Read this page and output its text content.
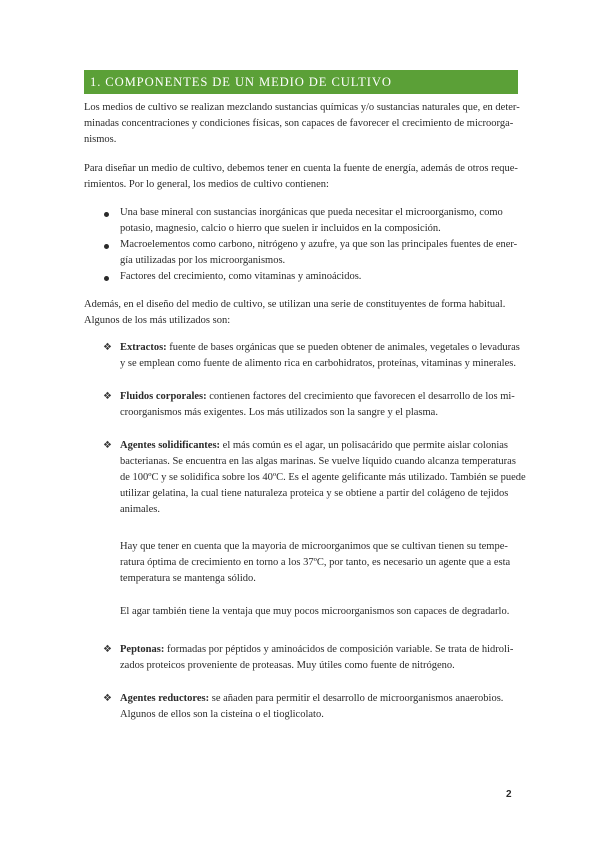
1. COMPONENTES DE UN MEDIO DE CULTIVO

Los medios de cultivo se realizan mezclando sustancias químicas y/o sustancias naturales que, en deter-
minadas concentraciones y condiciones físicas, son capaces de favorecer el crecimiento de microorga-
nismos.

Para diseñar un medio de cultivo, debemos tener en cuenta la fuente de energía, además de otros reque-
rimientos. Por lo general, los medios de cultivo contienen:

Una base mineral con sustancias inorgánicas que pueda necesitar el microorganismo, como
potasio, magnesio, calcio o hierro que suelen ir incluidos en la composición.
Macroelementos como carbono, nitrógeno y azufre, ya que son las principales fuentes de ener-
gía utilizadas por los microorganismos.
Factores del crecimiento, como vitaminas y aminoácidos.

Además, en el diseño del medio de cultivo, se utilizan una serie de constituyentes de forma habitual.
Algunos de los más utilizados son:

❖ Extractos: fuente de bases orgánicas que se pueden obtener de animales, vegetales o levaduras
y se emplean como fuente de alimento rica en carbohidratos, proteínas, vitaminas y minerales.
❖ Fluidos corporales: contienen factores del crecimiento que favorecen el desarrollo de los mi-
croorganismos más exigentes. Los más utilizados son la sangre y el plasma.
❖ Agentes solidificantes: el más común es el agar, un polisacárido que permite aislar colonias
bacterianas. Se encuentra en las algas marinas. Se vuelve líquido cuando alcanza temperaturas
de 100ºC y se solidifica sobre los 40ºC. Es el agente gelificante más utilizado. También se puede
utilizar gelatina, la cual tiene naturaleza proteica y se obtiene a partir del colágeno de tejidos
animales.
Hay que tener en cuenta que la mayoria de microorganimos que se cultivan tienen su tempe-
ratura óptima de crecimiento en torno a los 37ºC, por tanto, es necesario un agente que a esta
temperatura se mantenga sólido.
El agar también tiene la ventaja que muy pocos microorganismos son capaces de degradarlo.
❖ Peptonas: formadas por péptidos y aminoácidos de composición variable. Se trata de hidroli-
zados proteicos proveniente de proteasas. Muy útiles como fuente de nitrógeno.
❖ Agentes reductores: se añaden para permitir el desarrollo de microorganismos anaerobios.
Algunos de ellos son la cisteína o el tioglicolato.
2
